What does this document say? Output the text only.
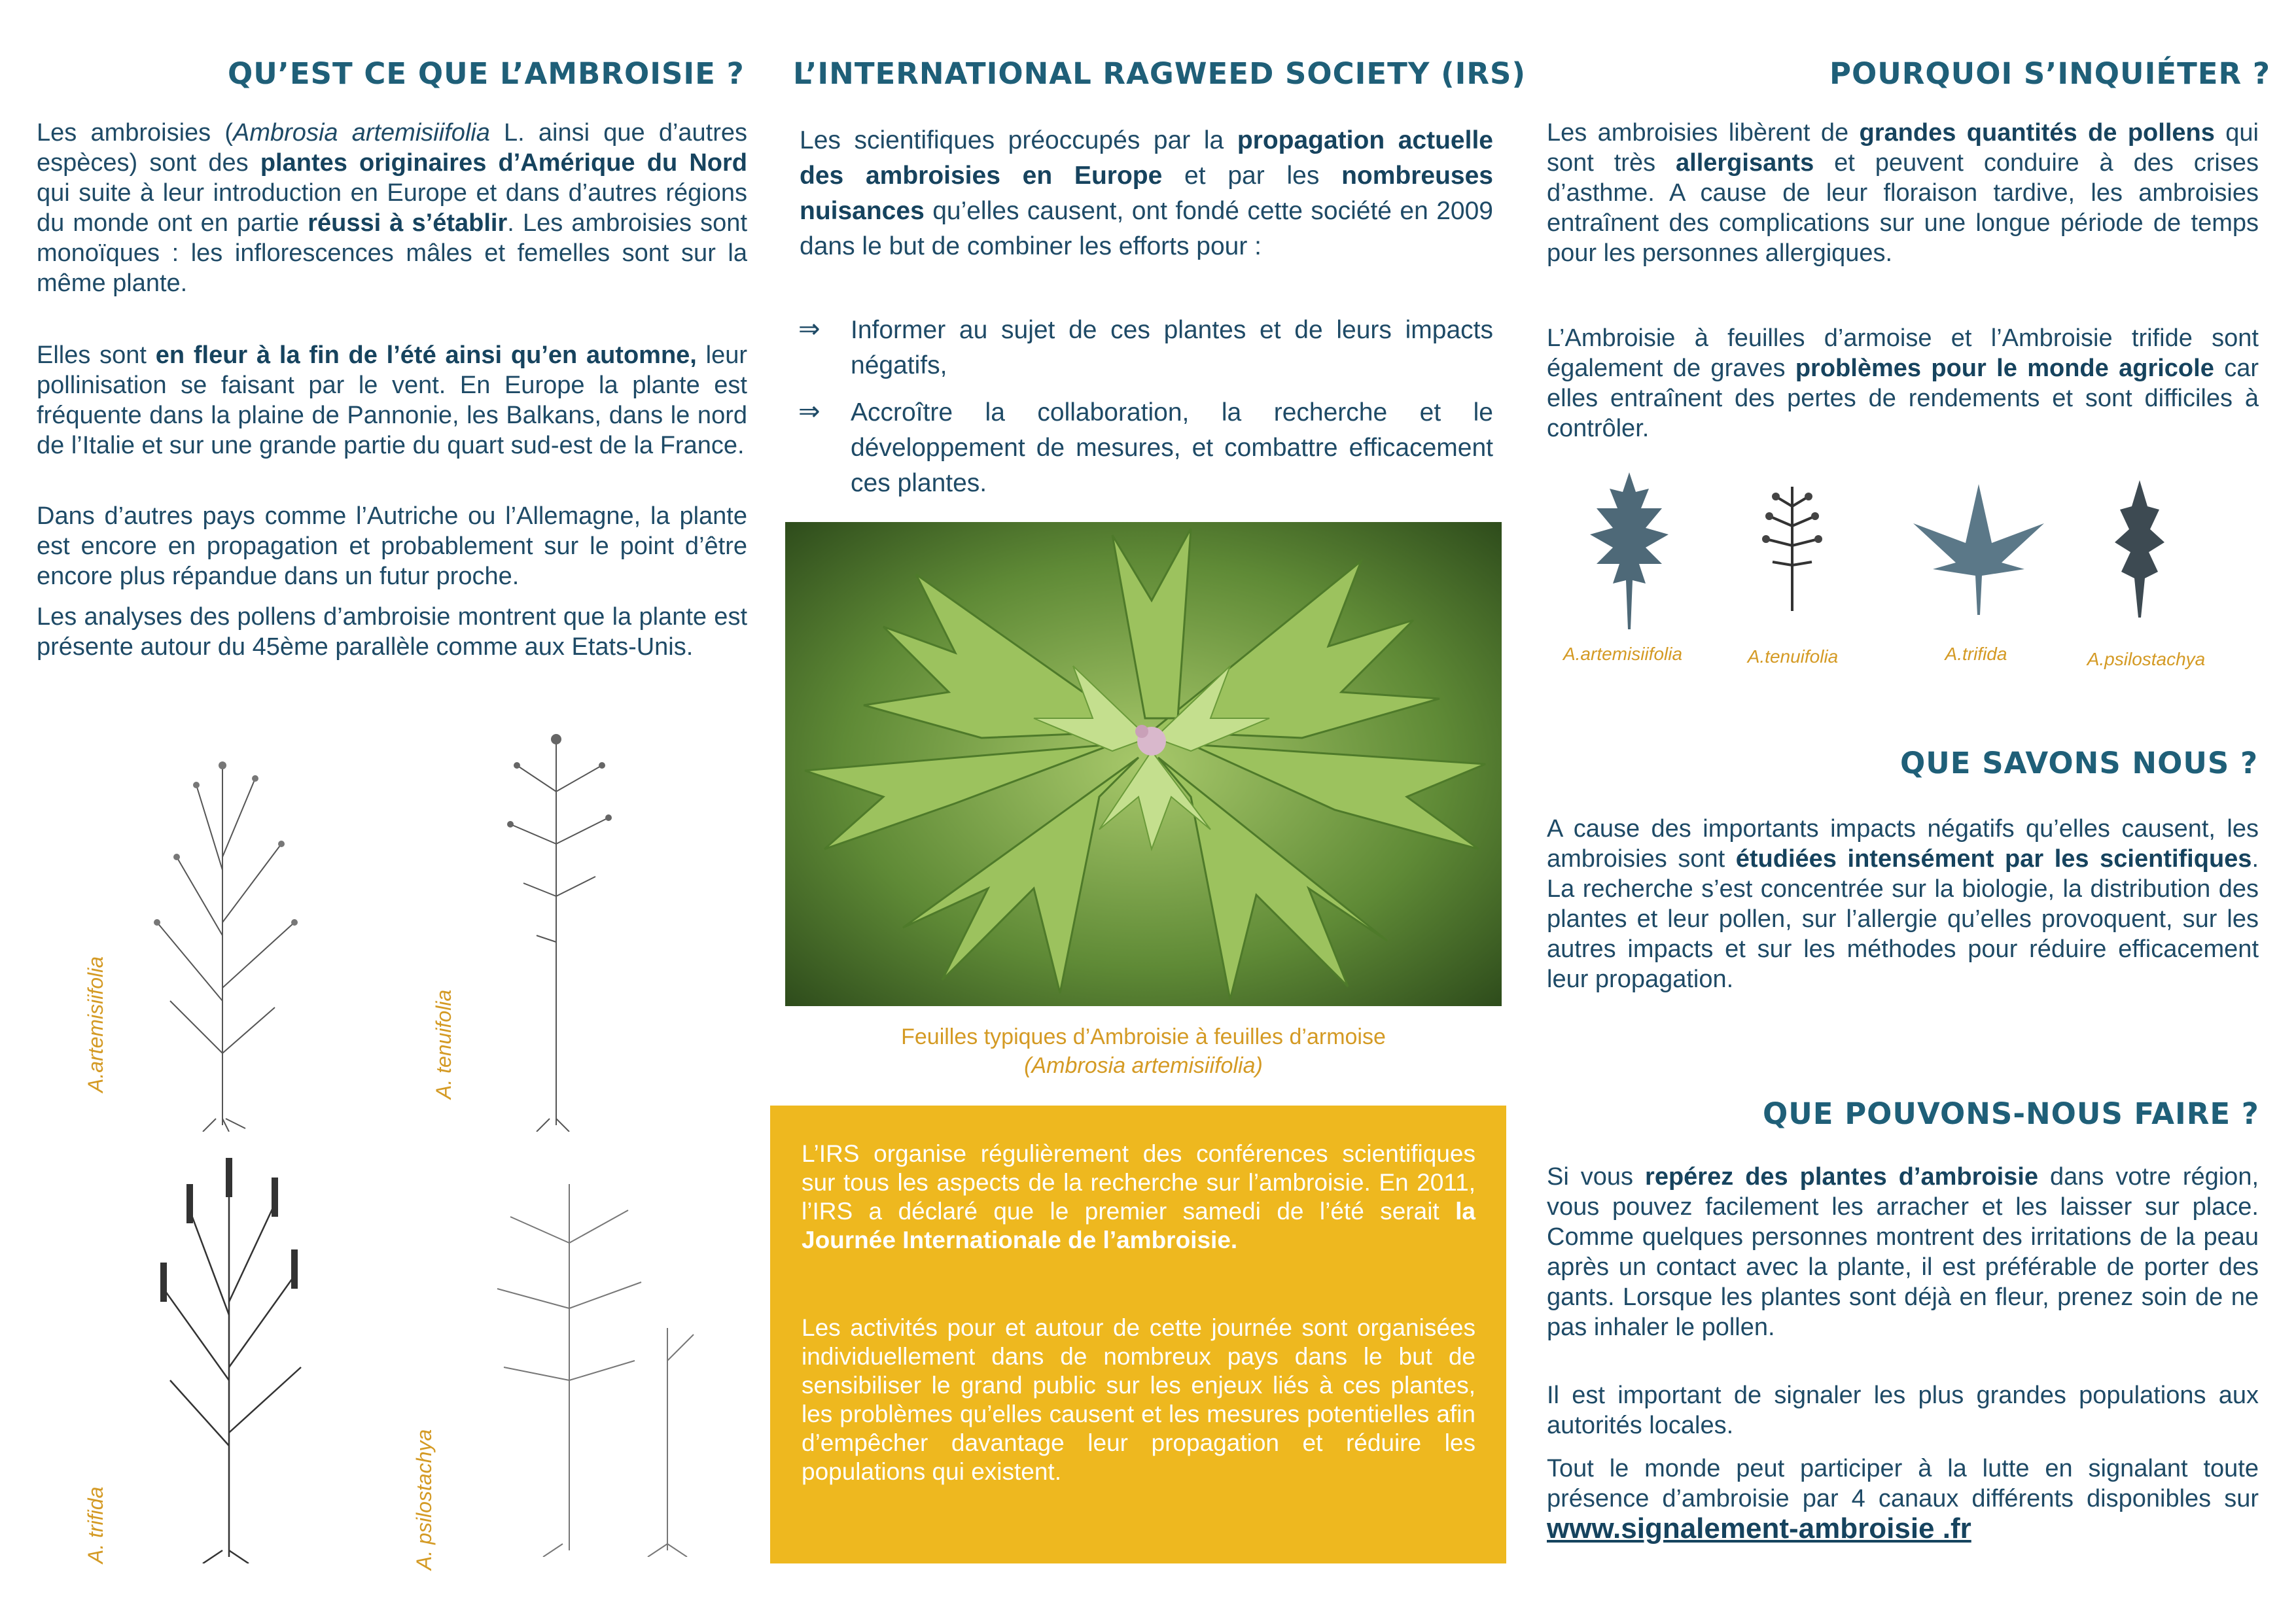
QU’EST CE QUE L’AMBROISIE ?

Les ambroisies (Ambrosia artemisiifolia L. ainsi que d’autres espèces) sont des plantes originaires d’Amérique du Nord qui suite à leur introduction en Europe et dans d’autres régions du monde ont en partie réussi à s’établir. Les ambroisies sont monoïques : les inflorescences mâles et femelles sont sur la même plante.

Elles sont en fleur à la fin de l’été ainsi qu’en automne, leur pollinisation se faisant par le vent. En Europe la plante est fréquente dans la plaine de Pannonie, les Balkans, dans le nord de l’Italie et sur une grande partie du quart sud-est de la France.

Dans d’autres pays comme l’Autriche ou l’Allemagne, la plante est encore en propagation et probablement sur le point d’être encore plus répandue dans un futur proche.

Les analyses des pollens d’ambroisie montrent que la plante est présente autour du 45ème parallèle comme aux Etats-Unis.

A.artemisiifolia	A. tenuifolia
A. trifida	A. psilostachya
L’INTERNATIONAL RAGWEED SOCIETY (IRS)

Les scientifiques préoccupés par la propagation actuelle des ambroisies en Europe et par les nombreuses nuisances qu’elles causent, ont fondé cette société en 2009 dans le but de combiner les efforts pour :

⇒ Informer au sujet de ces plantes et de leurs impacts négatifs,

⇒ Accroître la collaboration, la recherche et le développement de mesures, et combattre efficacement ces plantes.

Feuilles typiques d’Ambroisie à feuilles d’armoise
(Ambrosia artemisiifolia)

L’IRS organise régulièrement des conférences scientifiques sur tous les aspects de la recherche sur l’ambroisie. En 2011, l’IRS a déclaré que le premier samedi de l’été serait la Journée Internationale de l’ambroisie.

Les activités pour et autour de cette journée sont organisées individuellement dans de nombreux pays dans le but de sensibiliser le grand public sur les enjeux liés à ces plantes, les problèmes qu’elles causent et les mesures potentielles afin d’empêcher davantage leur propagation et réduire les populations qui existent.

POURQUOI S’INQUIÉTER ?

Les ambroisies libèrent de grandes quantités de pollens qui sont très allergisants et peuvent conduire à des crises d’asthme. A cause de leur floraison tardive, les ambroisies entraînent des complications sur une longue période de temps pour les personnes allergiques.

L’Ambroisie à feuilles d’armoise et l’Ambroisie trifide sont également de graves problèmes pour le monde agricole car elles entraînent des pertes de rendements et sont difficiles à contrôler.

A.artemisiifolia	A.tenuifolia	A.trifida	A.psilostachya
QUE SAVONS NOUS ?

A cause des importants impacts négatifs qu’elles causent, les ambroisies sont étudiées intensément par les scientifiques. La recherche s’est concentrée sur la biologie, la distribution des plantes et leur pollen, sur l’allergie qu’elles provoquent, sur les autres impacts et sur les méthodes pour réduire efficacement leur propagation.

QUE POUVONS-NOUS FAIRE ?

Si vous repérez des plantes d’ambroisie dans votre région, vous pouvez facilement les arracher et les laisser sur place. Comme quelques personnes montrent des irritations de la peau après un contact avec la plante, il est préférable de porter des gants. Lorsque les plantes sont déjà en fleur, prenez soin de ne pas inhaler le pollen.

Il est important de signaler les plus grandes populations aux autorités locales.

Tout le monde peut participer à la lutte en signalant toute présence d’ambroisie par 4 canaux différents disponibles sur www.signalement-ambroisie .fr
